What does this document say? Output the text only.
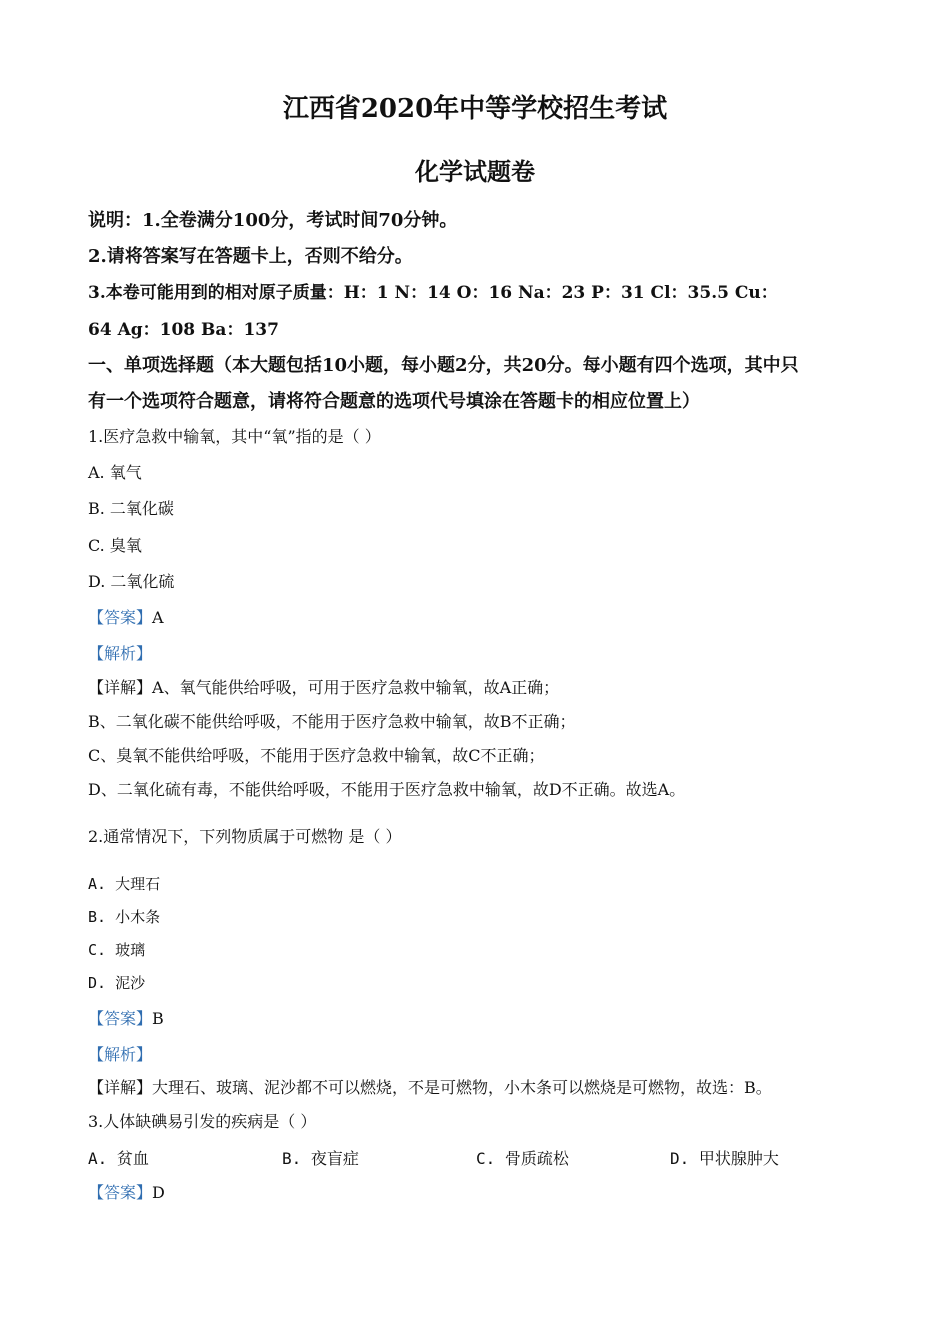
江西省2020年中等学校招生考试
化学试题卷
说明：1.全卷满分100分，考试时间70分钟。
2.请将答案写在答题卡上，否则不给分。
3.本卷可能用到的相对原子质量：H：1 N：14 O：16 Na：23 P：31 Cl：35.5 Cu：
64 Ag：108 Ba：137
一、单项选择题（本大题包括10小题，每小题2分，共20分。每小题有四个选项，其中只
有一个选项符合题意，请将符合题意的选项代号填涂在答题卡的相应位置上）
1.医疗急救中输氧，其中“氧”指的是（ ）
A. 氧气
B. 二氧化碳
C. 臭氧
D. 二氧化硫
【答案】A
【解析】
【详解】A、氧气能供给呼吸，可用于医疗急救中输氧，故A正确；
B、二氧化碳不能供给呼吸，不能用于医疗急救中输氧，故B不正确；
C、臭氧不能供给呼吸，不能用于医疗急救中输氧，故C不正确；
D、二氧化硫有毒，不能供给呼吸，不能用于医疗急救中输氧，故D不正确。故选A。
2.通常情况下，下列物质属于可燃物 是（ ）
A. 大理石
B. 小木条
C. 玻璃
D. 泥沙
【答案】B
【解析】
【详解】大理石、玻璃、泥沙都不可以燃烧，不是可燃物，小木条可以燃烧是可燃物，故选：B。
3.人体缺碘易引发的疾病是（ ）
A. 贫血	B. 夜盲症	C. 骨质疏松	D. 甲状腺肿大
【答案】D
